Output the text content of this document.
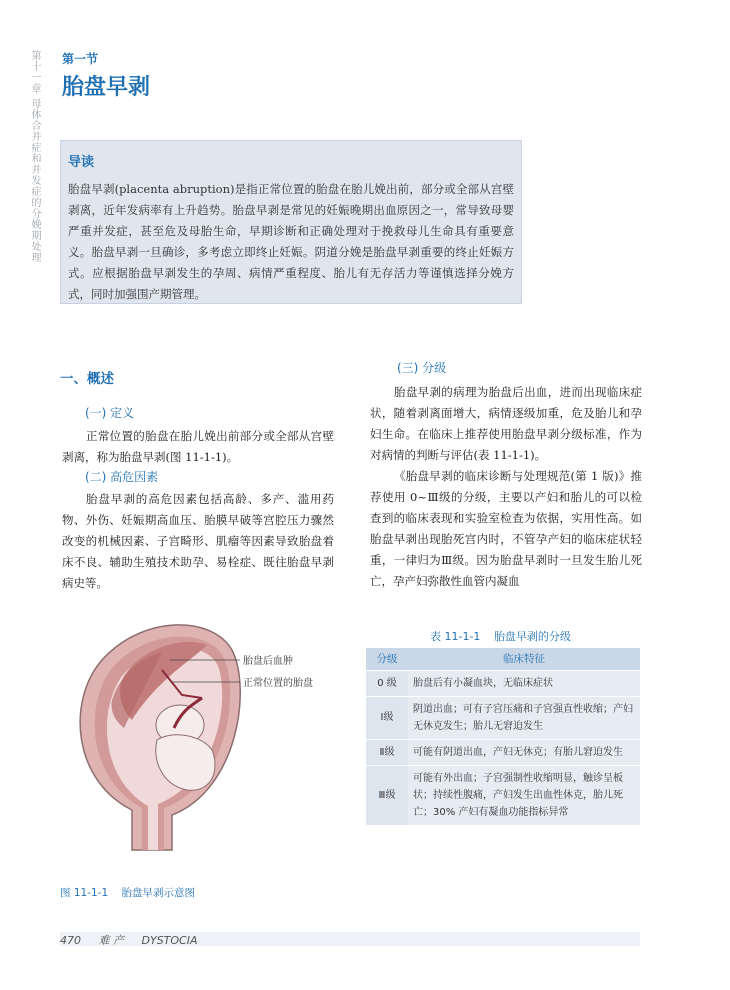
第十一章 母体合并症和并发症的分娩期处理 第一节
胎盘早剥
导读
胎盘早剥(placenta abruption)是指正常位置的胎盘在胎儿娩出前，部分或全部从宫壁剥离，近年发病率有上升趋势。胎盘早剥是常见的妊娠晚期出血原因之一，常导致母婴严重并发症，甚至危及母胎生命，早期诊断和正确处理对于挽救母儿生命具有重要意义。胎盘早剥一旦确诊，多考虑立即终止妊娠。阴道分娩是胎盘早剥重要的终止妊娠方式。应根据胎盘早剥发生的孕周、病情严重程度、胎儿有无存活力等谨慎选择分娩方式，同时加强围产期管理。
一、概述
(一) 定义
正常位置的胎盘在胎儿娩出前部分或全部从宫壁剥离，称为胎盘早剥(图 11-1-1)。
(二) 高危因素
胎盘早剥的高危因素包括高龄、多产、滥用药物、外伤、妊娠期高血压、胎膜早破等宫腔压力骤然改变的机械因素、子宫畸形、肌瘤等因素导致胎盘着床不良、辅助生殖技术助孕、易栓症、既往胎盘早剥病史等。
(三) 分级
胎盘早剥的病理为胎盘后出血，进而出现临床症状，随着剥离面增大，病情逐级加重，危及胎儿和孕妇生命。在临床上推荐使用胎盘早剥分级标准，作为对病情的判断与评估(表 11-1-1)。
《胎盘早剥的临床诊断与处理规范(第 1 版)》推荐使用 0~Ⅲ级的分级，主要以产妇和胎儿的可以检查到的临床表现和实验室检查为依据，实用性高。如胎盘早剥出现胎死宫内时，不管孕产妇的临床症状轻重，一律归为Ⅲ级。因为胎盘早剥时一旦发生胎儿死亡，孕产妇弥散性血管内凝血
胎盘后血肿
正常位置的胎盘
图 11-1-1 胎盘早剥示意图
表 11-1-1 胎盘早剥的分级
分级	临床特征
0 级	胎盘后有小凝血块，无临床症状
Ⅰ级	阴道出血；可有子宫压痛和子宫强直性收缩；产妇无休克发生；胎儿无窘迫发生
Ⅱ级	可能有阴道出血，产妇无休克；有胎儿窘迫发生
Ⅲ级	可能有外出血；子宫强制性收缩明显，触诊呈板状；持续性腹痛，产妇发生出血性休克，胎儿死亡；30% 产妇有凝血功能指标异常
470 难 产 DYSTOCIA
